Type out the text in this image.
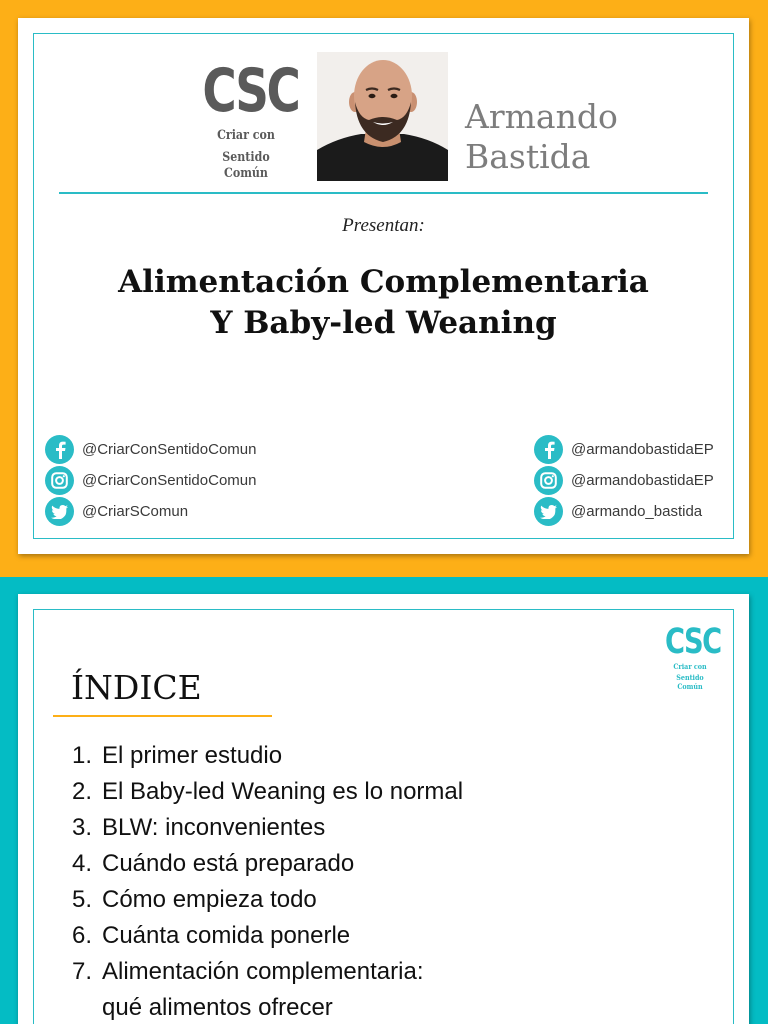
CSC
Criar con
Sentido Común
Armando
Bastida
Presentan:
Alimentación Complementaria
Y Baby-led Weaning
@CriarConSentidoComun
@CriarConSentidoComun
@CriarSComun
@armandobastidaEP
@armandobastidaEP
@armando_bastida
CSC
Criar con
Sentido Común
ÍNDICE
1. El primer estudio
2. El Baby-led Weaning es lo normal
3. BLW: inconvenientes
4. Cuándo está preparado
5. Cómo empieza todo
6. Cuánta comida ponerle
7. Alimentación complementaria:
qué alimentos ofrecer
